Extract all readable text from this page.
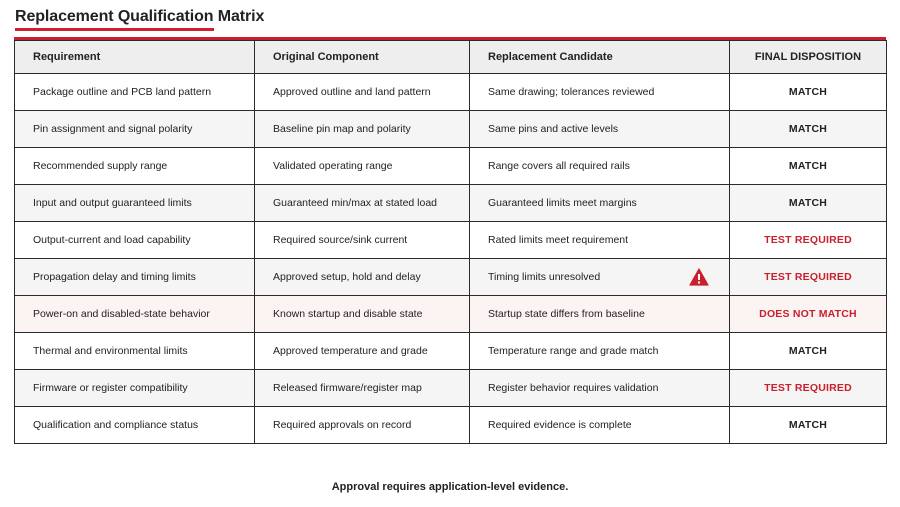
Replacement Qualification Matrix
Requirement	Original Component	Replacement Candidate	FINAL DISPOSITION
Package outline and PCB land pattern	Approved outline and land pattern	Same drawing; tolerances reviewed	MATCH
Pin assignment and signal polarity	Baseline pin map and polarity	Same pins and active levels	MATCH
Recommended supply range	Validated operating range	Range covers all required rails	MATCH
Input and output guaranteed limits	Guaranteed min/max at stated load	Guaranteed limits meet margins	MATCH
Output-current and load capability	Required source/sink current	Rated limits meet requirement	TEST REQUIRED
Propagation delay and timing limits	Approved setup, hold and delay	Timing limits unresolved	TEST REQUIRED
Power-on and disabled-state behavior	Known startup and disable state	Startup state differs from baseline	DOES NOT MATCH
Thermal and environmental limits	Approved temperature and grade	Temperature range and grade match	MATCH
Firmware or register compatibility	Released firmware/register map	Register behavior requires validation	TEST REQUIRED
Qualification and compliance status	Required approvals on record	Required evidence is complete	MATCH
Approval requires application-level evidence.
